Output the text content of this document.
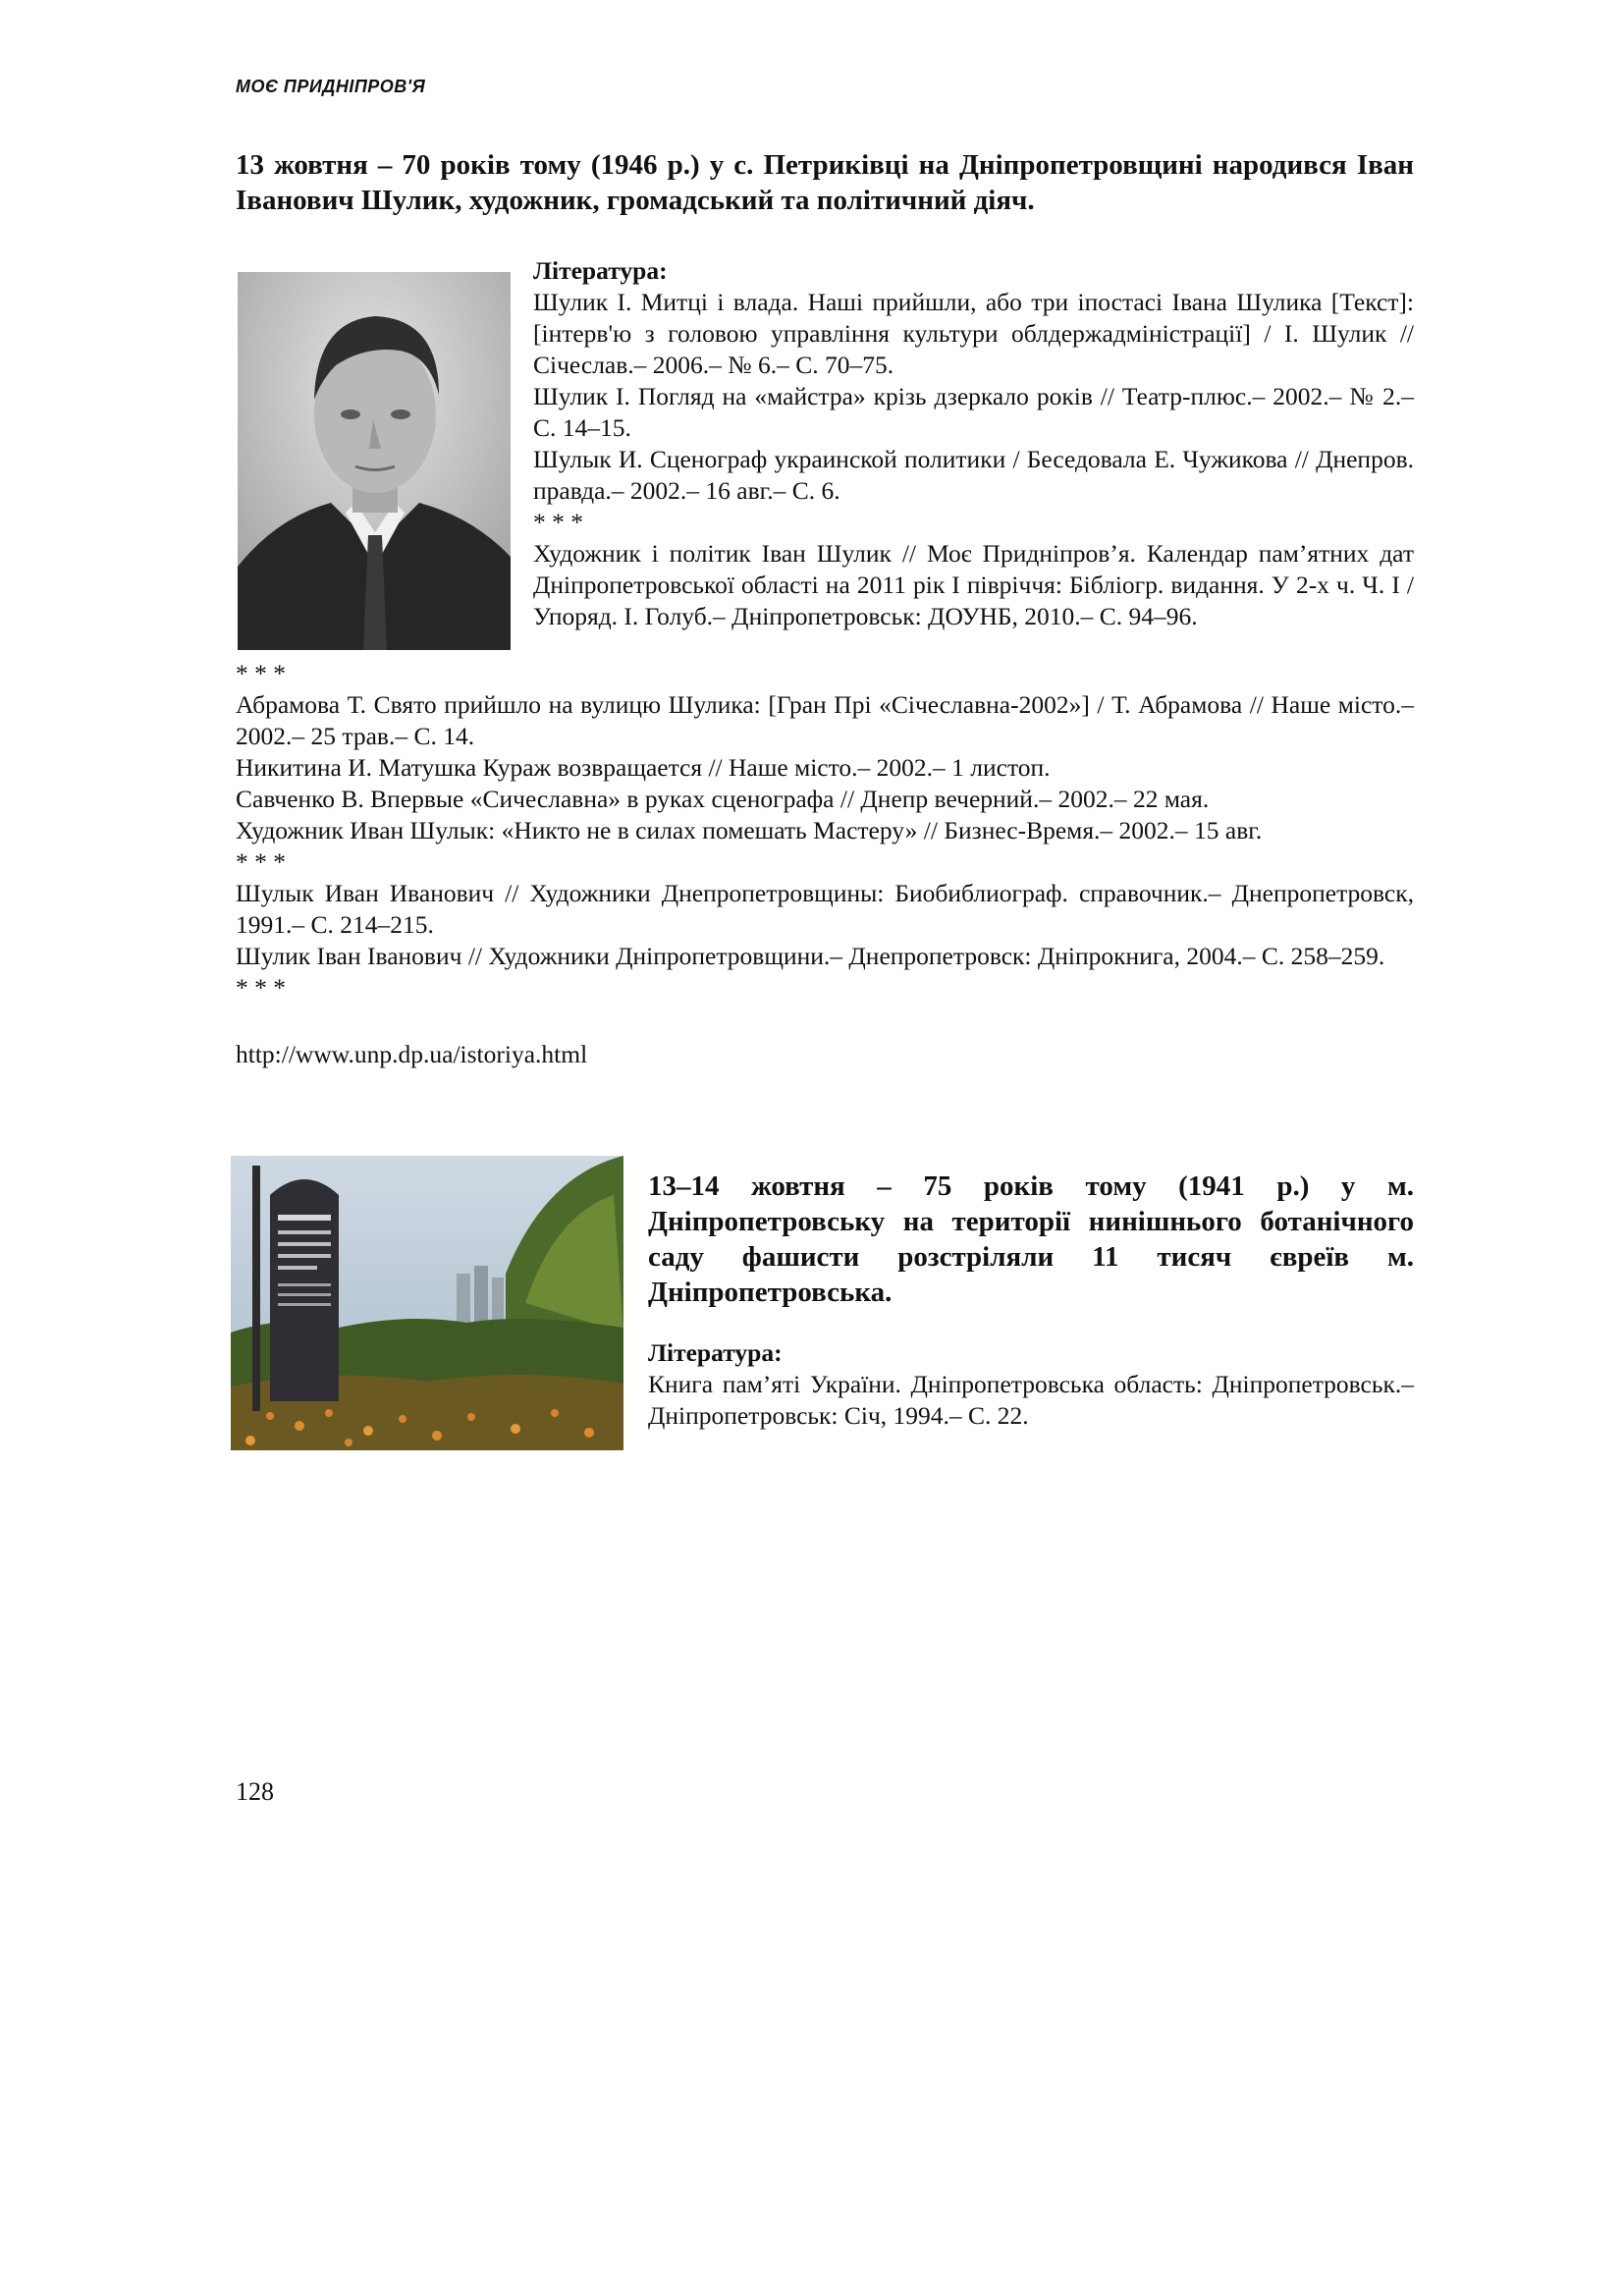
МОЄ ПРИДНІПРОВ'Я
13 жовтня – 70 років тому (1946 р.) у с. Петриківці на Дніпропетровщині народився Іван Іванович Шулик, художник, громадський та політичний діяч.

Література:

Шулик І. Митці і влада. Наші прийшли, або три іпостасі Івана Шулика [Текст]: [інтерв'ю з головою управління культури облдержадміністрації] / І. Шулик // Січеслав.– 2006.– № 6.– С. 70–75.

Шулик І. Погляд на «майстра» крізь дзеркало років // Театр-плюс.– 2002.– № 2.– С. 14–15.

Шулык И. Сценограф украинской политики / Беседовала Е. Чужикова // Днепров. правда.– 2002.– 16 авг.– С. 6.

* * *

Художник і політик Іван Шулик // Моє Придніпров’я. Календар пам’ятних дат Дніпропетровської області на 2011 рік І півріччя: Бібліогр. видання. У 2-х ч. Ч. І / Упоряд. І. Голуб.– Дніпропетровськ: ДОУНБ, 2010.– С. 94–96.

* * *

Абрамова Т. Свято прийшло на вулицю Шулика: [Гран Прі «Січеславна-2002»] / Т. Абрамова // Наше місто.– 2002.– 25 трав.– С. 14.

Никитина И. Матушка Кураж возвращается // Наше місто.– 2002.– 1 листоп.

Савченко В. Впервые «Сичеславна» в руках сценографа // Днепр вечерний.– 2002.– 22 мая.

Художник Иван Шулык: «Никто не в силах помешать Мастеру» // Бизнес-Время.– 2002.– 15 авг.

* * *

Шулык Иван Иванович // Художники Днепропетровщины: Биобиблиограф. справочник.– Днепропетровск, 1991.– С. 214–215.

Шулик Іван Іванович // Художники Дніпропетровщини.– Днепропетровск: Дніпрокнига, 2004.– С. 258–259.

* * *

http://www.unp.dp.ua/istoriya.html

13–14 жовтня – 75 років тому (1941 р.) у м. Дніпропетровську на території нинішнього ботанічного саду фашисти розстріляли 11 тисяч євреїв м. Дніпропетровська.

Література:

Книга пам’яті України. Дніпропетровська область: Дніпропетровськ.– Дніпропетровськ: Січ, 1994.– С. 22.

128
